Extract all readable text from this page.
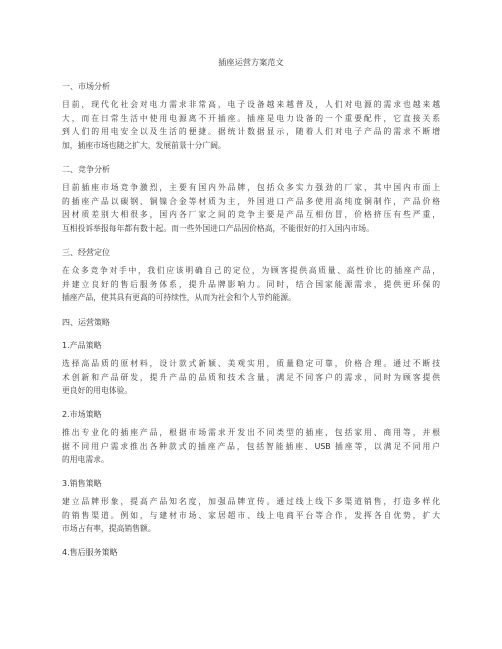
插座运营方案范文
一、市场分析
目前，现代化社会对电力需求非常高，电子设备越来越普及，人们对电源的需求也越来越
大，而在日常生活中使用电源离不开插座。插座是电力设备的一个重要配件，它直接关系
到人们的用电安全以及生活的便捷。据统计数据显示，随着人们对电子产品的需求不断增
加，插座市场也随之扩大，发展前景十分广阔。
二、竞争分析
目前插座市场竞争激烈，主要有国内外品牌，包括众多实力强劲的厂家，其中国内市面上
的插座产品以碳钢、铜镍合金等材质为主，外国进口产品多使用高纯度铜制作，产品价格
因材质差别大相很多，国内各厂家之间的竞争主要是产品互相仿冒，价格挤压有些严重，
互相投诉举报每年都有数十起。而一些外国进口产品因价格高，不能很好的打入国内市场。
三、经营定位
在众多竞争对手中，我们应该明确自己的定位，为顾客提供高质量、高性价比的插座产品，
并建立良好的售后服务体系，提升品牌影响力。同时，结合国家能源需求，提供更环保的
插座产品，使其具有更高的可持续性，从而为社会和个人节约能源。
四、运营策略
1.产品策略
选择高品质的原材料，设计款式新颖、美观实用，质量稳定可靠，价格合理。通过不断技
术创新和产品研发，提升产品的品质和技术含量，满足不同客户的需求，同时为顾客提供
更良好的用电体验。
2.市场策略
推出专业化的插座产品，根据市场需求开发出不同类型的插座，包括家用、商用等，并根
据不同用户需求推出各种款式的插座产品，包括智能插座、USB 插座等，以满足不同用户
的用电需求。
3.销售策略
建立品牌形象，提高产品知名度，加强品牌宣传。通过线上线下多渠道销售，打造多样化
的销售渠道。例如，与建材市场、家居超市、线上电商平台等合作，发挥各自优势，扩大
市场占有率，提高销售额。
4.售后服务策略
